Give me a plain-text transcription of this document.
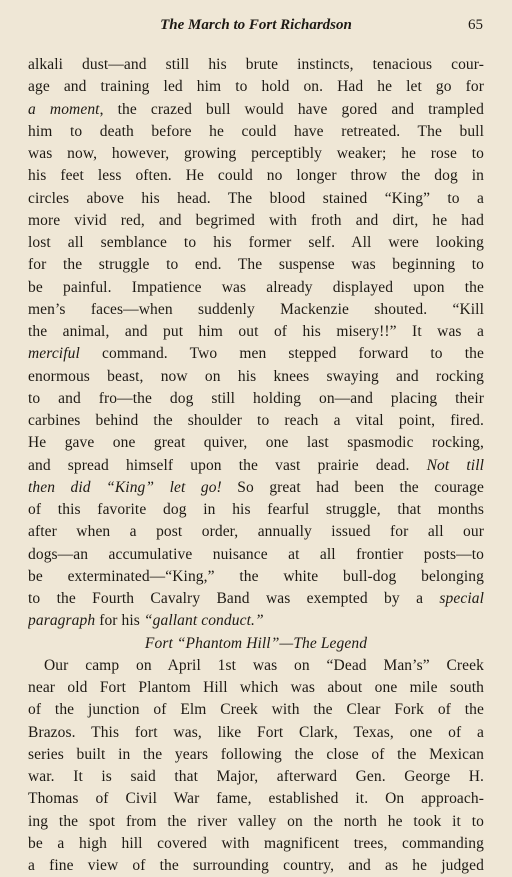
The March to Fort Richardson	65
alkali dust—and still his brute instincts, tenacious cour-
age and training led him to hold on. Had he let go for
a moment, the crazed bull would have gored and trampled
him to death before he could have retreated. The bull
was now, however, growing perceptibly weaker; he rose to
his feet less often. He could no longer throw the dog in
circles above his head. The blood stained “King” to a
more vivid red, and begrimed with froth and dirt, he had
lost all semblance to his former self. All were looking
for the struggle to end. The suspense was beginning to
be painful. Impatience was already displayed upon the
men’s faces—when suddenly Mackenzie shouted. “Kill
the animal, and put him out of his misery!!” It was a
merciful command. Two men stepped forward to the
enormous beast, now on his knees swaying and rocking
to and fro—the dog still holding on—and placing their
carbines behind the shoulder to reach a vital point, fired.
He gave one great quiver, one last spasmodic rocking,
and spread himself upon the vast prairie dead. Not till
then did “King” let go! So great had been the courage
of this favorite dog in his fearful struggle, that months
after when a post order, annually issued for all our
dogs—an accumulative nuisance at all frontier posts—to
be exterminated—“King,” the white bull-dog belonging
to the Fourth Cavalry Band was exempted by a special
paragraph for his “gallant conduct.”
Fort “Phantom Hill”—The Legend
Our camp on April 1st was on “Dead Man’s” Creek
near old Fort Plantom Hill which was about one mile south
of the junction of Elm Creek with the Clear Fork of the
Brazos. This fort was, like Fort Clark, Texas, one of a
series built in the years following the close of the Mexican
war. It is said that Major, afterward Gen. George H.
Thomas of Civil War fame, established it. On approach-
ing the spot from the river valley on the north he took it to
be a high hill covered with magnificent trees, commanding
a fine view of the surrounding country, and as he judged
